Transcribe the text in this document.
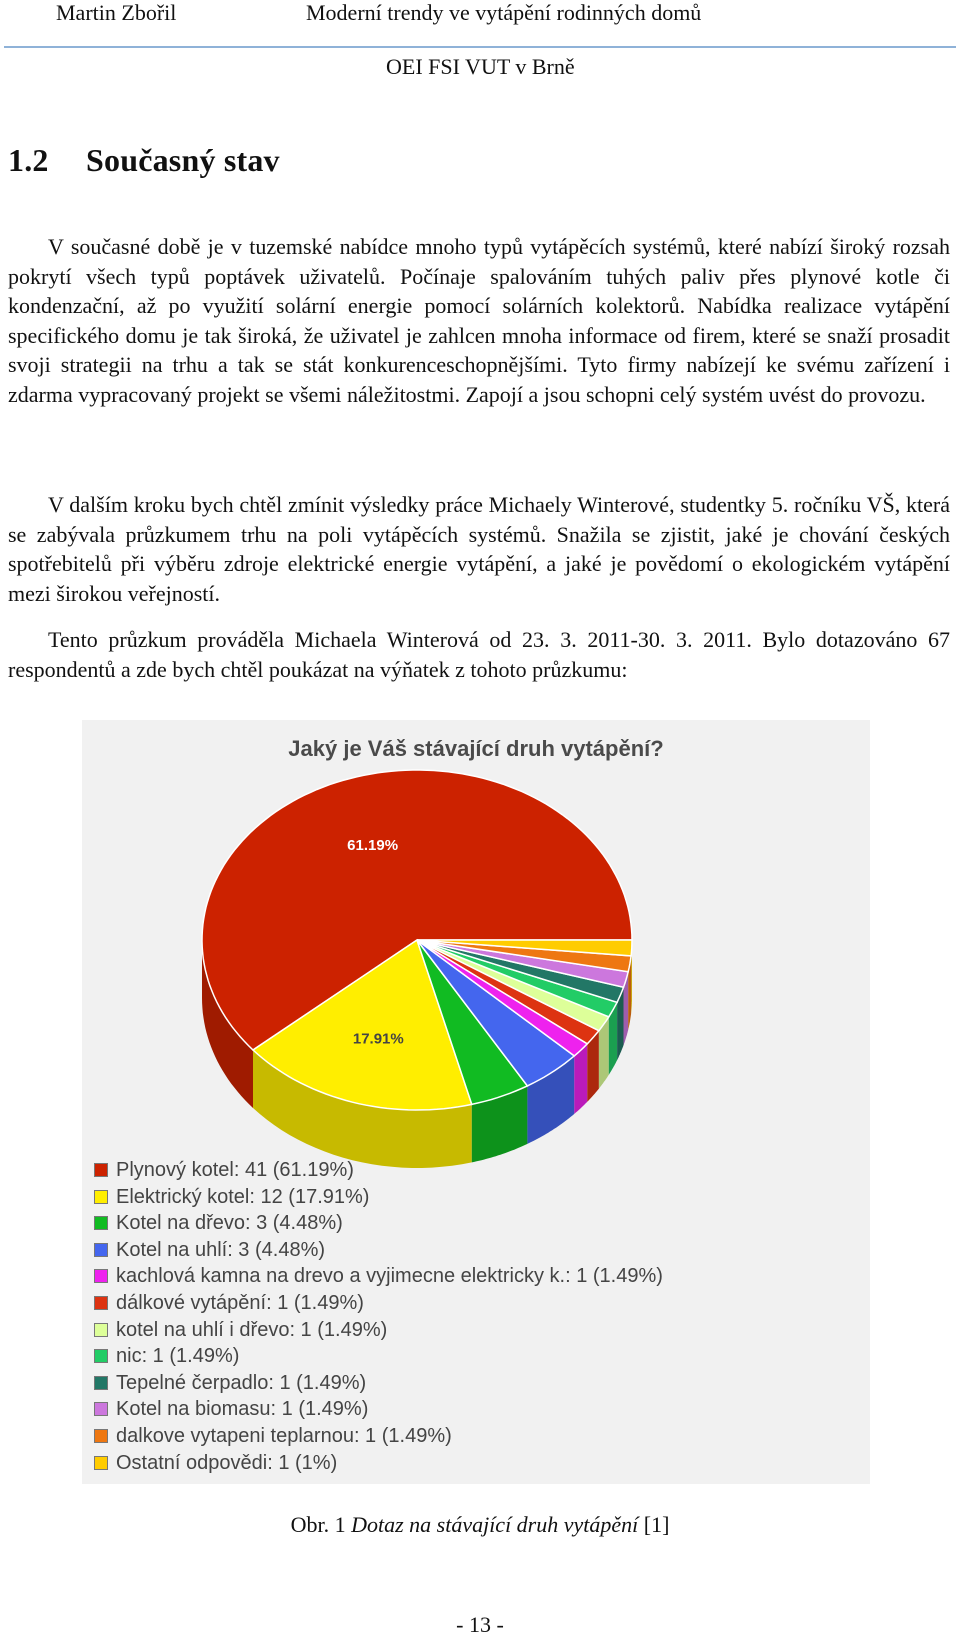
Martin Zbořil	Moderní trendy ve vytápění rodinných domů
OEI FSI VUT v Brně
1.2 Současný stav

V současné době je v tuzemské nabídce mnoho typů vytápěcích systémů, které nabízí široký rozsah pokrytí všech typů poptávek uživatelů. Počínaje spalováním tuhých paliv přes plynové kotle či kondenzační, až po využití solární energie pomocí solárních kolektorů. Nabídka realizace vytápění specifického domu je tak široká, že uživatel je zahlcen mnoha informace od firem, které se snaží prosadit svoji strategii na trhu a tak se stát konkurenceschopnějšími. Tyto firmy nabízejí ke svému zařízení i zdarma vypracovaný projekt se všemi náležitostmi. Zapojí a jsou schopni celý systém uvést do provozu.

V dalším kroku bych chtěl zmínit výsledky práce Michaely Winterové, studentky 5. ročníku VŠ, která se zabývala průzkumem trhu na poli vytápěcích systémů. Snažila se zjistit, jaké je chování českých spotřebitelů při výběru zdroje elektrické energie vytápění, a jaké je povědomí o ekologickém vytápění mezi širokou veřejností.

Tento průzkum prováděla Michaela Winterová od 23. 3. 2011-30. 3. 2011. Bylo dotazováno 67 respondentů a zde bych chtěl poukázat na výňatek z tohoto průzkumu:

61.19%
17.91%
Jaký je Váš stávající druh vytápění?
Plynový kotel: 41 (61.19%)
Elektrický kotel: 12 (17.91%)
Kotel na dřevo: 3 (4.48%)
Kotel na uhlí: 3 (4.48%)
kachlová kamna na drevo a vyjimecne elektricky k.: 1 (1.49%)
dálkové vytápění: 1 (1.49%)
kotel na uhlí i dřevo: 1 (1.49%)
nic: 1 (1.49%)
Tepelné čerpadlo: 1 (1.49%)
Kotel na biomasu: 1 (1.49%)
dalkove vytapeni teplarnou: 1 (1.49%)
Ostatní odpovědi: 1 (1%)
Obr. 1 Dotaz na stávající druh vytápění [1]
- 13 -
